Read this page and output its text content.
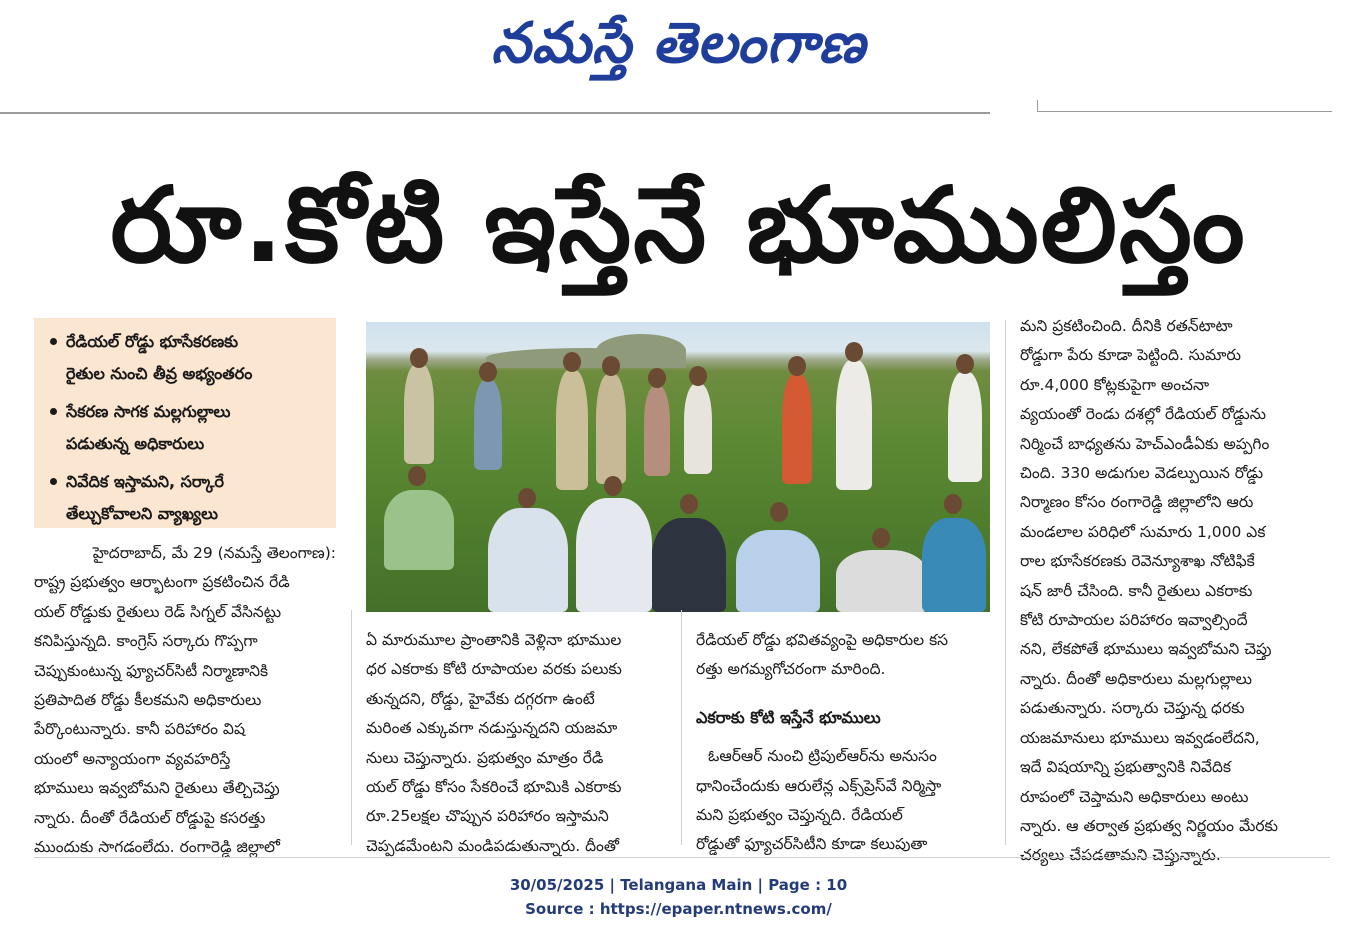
నమస్తే తెలంగాణ
రూ.కోటి ఇస్తేనే భూములిస్తం
రేడియల్ రోడ్డు భూసేకరణకు
రైతుల నుంచి తీవ్ర అభ్యంతరం
సేకరణ సాగక మల్లగుల్లాలు
పడుతున్న అధికారులు
నివేదిక ఇస్తామని, సర్కారే
తేల్చుకోవాలని వ్యాఖ్యలు
హైదరాబాద్, మే 29 (నమస్తే తెలంగాణ):
రాష్ట్ర ప్రభుత్వం ఆర్భాటంగా ప్రకటించిన రేడి
యల్ రోడ్డుకు రైతులు రెడ్ సిగ్నల్ వేసినట్టు
కనిపిస్తున్నది. కాంగ్రెస్ సర్కారు గొప్పగా
చెప్పుకుంటున్న ఫ్యూచర్‌సిటీ నిర్మాణానికి
ప్రతిపాదిత రోడ్డు కీలకమని అధికారులు
పేర్కొంటున్నారు. కానీ పరిహారం విష
యంలో అన్యాయంగా వ్యవహరిస్తే
భూములు ఇవ్వబోమని రైతులు తేల్చిచెప్తు
న్నారు. దీంతో రేడియల్ రోడ్డుపై కసరత్తు
ముందుకు సాగడంలేదు. రంగారెడ్డి జిల్లాలో
ఏ మారుమూల ప్రాంతానికి వెళ్లినా భూముల
ధర ఎకరాకు కోటి రూపాయల వరకు పలుకు
తున్నదని, రోడ్డు, హైవేకు దగ్గరగా ఉంటే
మరింత ఎక్కువగా నడుస్తున్నదని యజమా
నులు చెప్తున్నారు. ప్రభుత్వం మాత్రం రేడి
యల్ రోడ్డు కోసం సేకరించే భూమికి ఎకరాకు
రూ.25లక్షల చొప్పున పరిహారం ఇస్తామని
చెప్పడమేంటని మండిపడుతున్నారు. దీంతో
రేడియల్ రోడ్డు భవితవ్యంపై అధికారుల కస
రత్తు అగమ్యగోచరంగా మారింది.
ఎకరాకు కోటి ఇస్తేనే భూములు
ఓఆర్‌ఆర్ నుంచి ట్రిపుల్‌ఆర్‌ను అనుసం
ధానించేందుకు ఆరులేన్ల ఎక్స్‌ప్రెస్‌వే నిర్మిస్తా
మని ప్రభుత్వం చెప్తున్నది. రేడియల్
రోడ్డుతో ఫ్యూచర్‌సిటీని కూడా కలుపుతా
మని ప్రకటించింది. దీనికి రతన్‌టాటా
రోడ్డుగా పేరు కూడా పెట్టింది. సుమారు
రూ.4,000 కోట్లకుపైగా అంచనా
వ్యయంతో రెండు దశల్లో రేడియల్ రోడ్డును
నిర్మించే బాధ్యతను హెచ్‌ఎండీఏకు అప్పగిం
చింది. 330 అడుగుల వెడల్పుయిన రోడ్డు
నిర్మాణం కోసం రంగారెడ్డి జిల్లాలోని ఆరు
మండలాల పరిధిలో సుమారు 1,000 ఎక
రాల భూసేకరణకు రెవెన్యూశాఖ నోటిఫికే
షన్ జారీ చేసింది. కానీ రైతులు ఎకరాకు
కోటి రూపాయల పరిహారం ఇవ్వాల్సిందే
నని, లేకపోతే భూములు ఇవ్వబోమని చెప్తు
న్నారు. దీంతో అధికారులు మల్లగుల్లాలు
పడుతున్నారు. సర్కారు చెప్తున్న ధరకు
యజమానులు భూములు ఇవ్వడంలేదని,
ఇదే విషయాన్ని ప్రభుత్వానికి నివేదిక
రూపంలో చెప్తామని అధికారులు అంటు
న్నారు. ఆ తర్వాత ప్రభుత్వ నిర్ణయం మేరకు
చర్యలు చేపడతామని చెప్తున్నారు.
30/05/2025 | Telangana Main | Page : 10
Source : https://epaper.ntnews.com/
